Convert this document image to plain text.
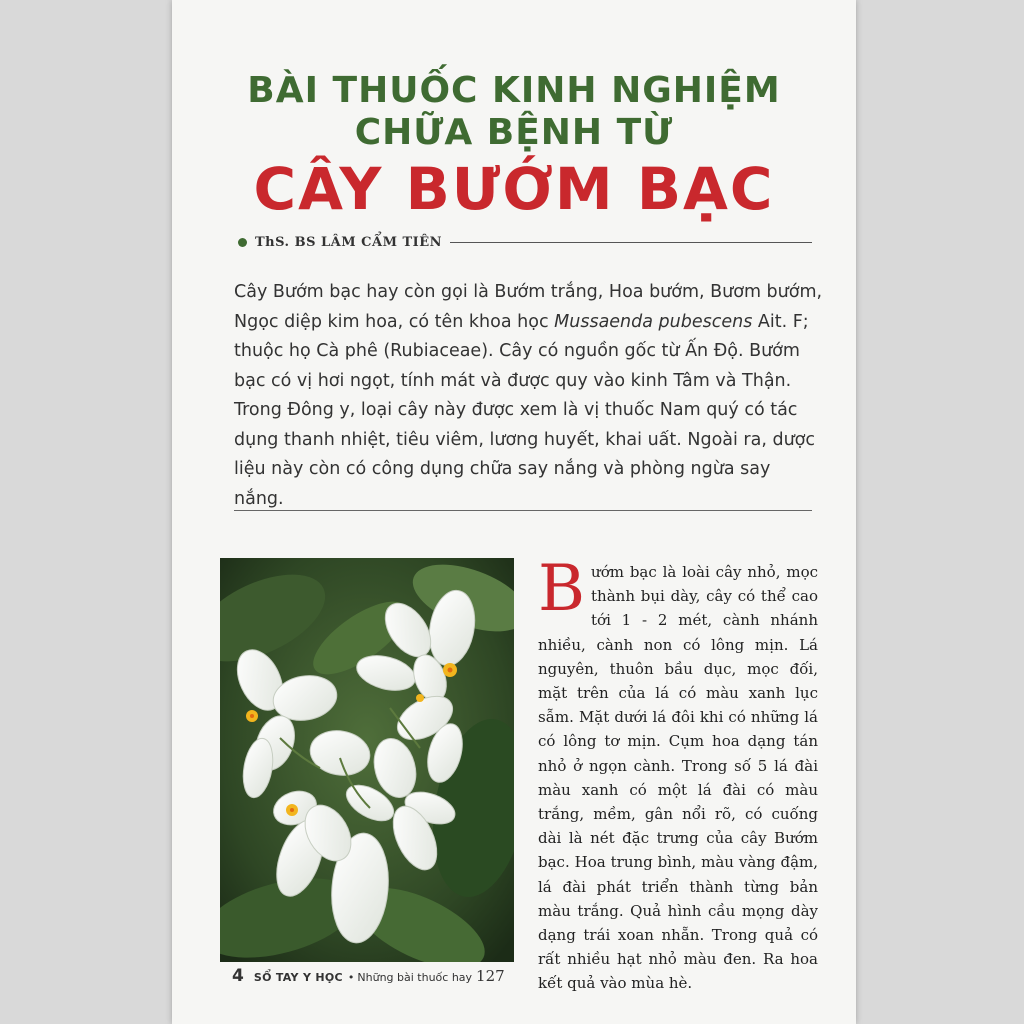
BÀI THUỐC KINH NGHIỆM
CHỮA BỆNH TỪ
CÂY BƯỚM BẠC
ThS. BS LÂM CẨM TIÊN

Cây Bướm bạc hay còn gọi là Bướm trắng, Hoa bướm, Bươm bướm, Ngọc diệp kim hoa, có tên khoa học Mussaenda pubescens Ait. F; thuộc họ Cà phê (Rubiaceae). Cây có nguồn gốc từ Ấn Độ. Bướm bạc có vị hơi ngọt, tính mát và được quy vào kinh Tâm và Thận. Trong Đông y, loại cây này được xem là vị thuốc Nam quý có tác dụng thanh nhiệt, tiêu viêm, lương huyết, khai uất. Ngoài ra, dược liệu này còn có công dụng chữa say nắng và phòng ngừa say nắng.

Bướm bạc là loài cây nhỏ, mọc thành bụi dày, cây có thể cao tới 1 - 2 mét, cành nhánh nhiều, cành non có lông mịn. Lá nguyên, thuôn bầu dục, mọc đối, mặt trên của lá có màu xanh lục sẫm. Mặt dưới lá đôi khi có những lá có lông tơ mịn. Cụm hoa dạng tán nhỏ ở ngọn cành. Trong số 5 lá đài màu xanh có một lá đài có màu trắng, mềm, gân nổi rõ, có cuống dài là nét đặc trưng của cây Bướm bạc. Hoa trung bình, màu vàng đậm, lá đài phát triển thành từng bản màu trắng. Quả hình cầu mọng dày dạng trái xoan nhẵn. Trong quả có rất nhiều hạt nhỏ màu đen. Ra hoa kết quả vào mùa hè.
4 SỔ TAY Y HỌC • Những bài thuốc hay 127
